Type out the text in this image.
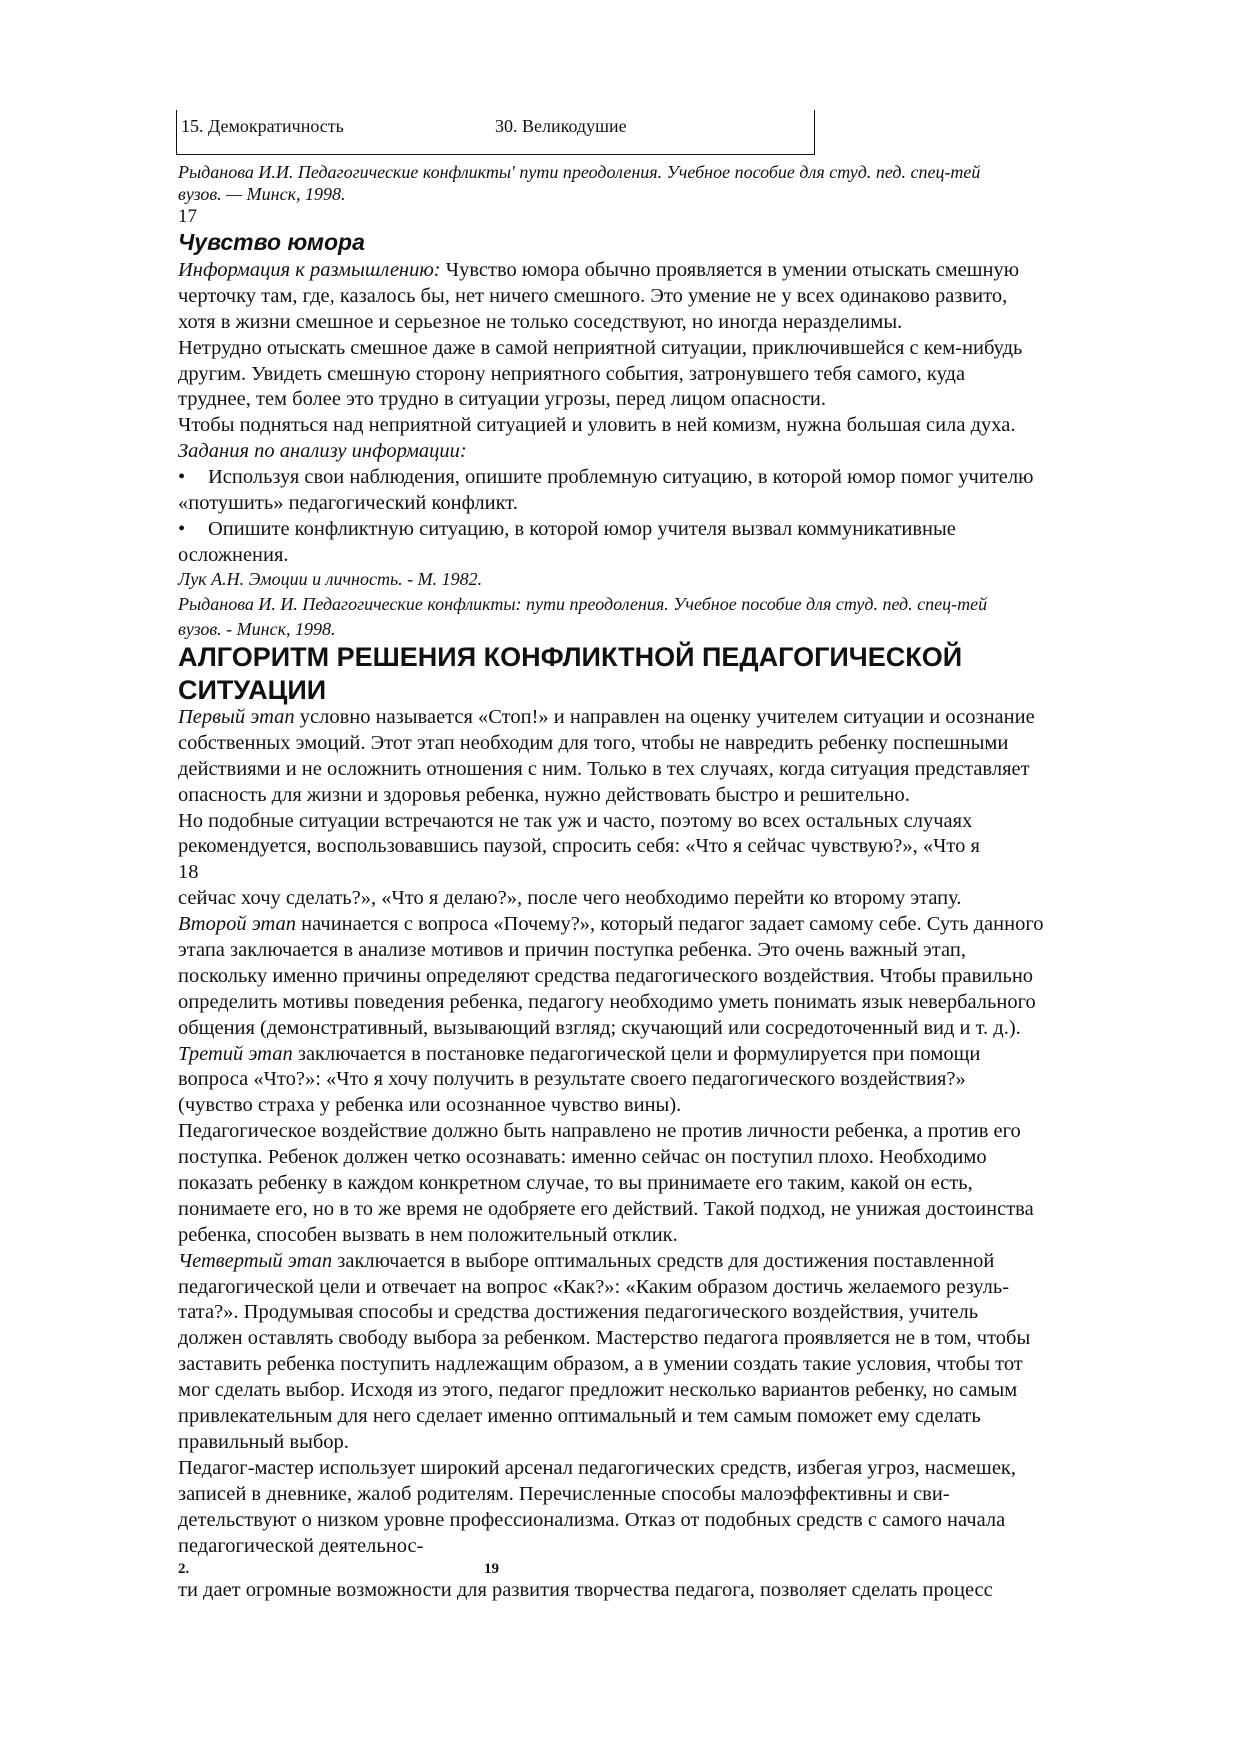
15. Демократичность	30. Великодушие
Рыданова И.И. Педагогические конфликты' пути преодоления. Учебное пособие для студ. пед. спец-тей
вузов. — Минск, 1998.
17
Чувство юмора
Информация к размышлению: Чувство юмора обычно проявляется в умении отыскать смешную
черточку там, где, казалось бы, нет ничего смешного. Это умение не у всех одинаково развито,
хотя в жизни смешное и серьезное не только соседствуют, но иногда неразделимы.
Нетрудно отыскать смешное даже в самой неприятной ситуации, приключившейся с кем-нибудь
другим. Увидеть смешную сторону неприятного события, затронувшего тебя самого, куда
труднее, тем более это трудно в ситуации угрозы, перед лицом опасности.
Чтобы подняться над неприятной ситуацией и уловить в ней комизм, нужна большая сила духа.
Задания по анализу информации:
• Используя свои наблюдения, опишите проблемную ситуацию, в которой юмор помог учителю
«потушить» педагогический конфликт.
• Опишите конфликтную ситуацию, в которой юмор учителя вызвал коммуникативные
осложнения.
Лук А.Н. Эмоции и личность. - М. 1982.
Рыданова И. И. Педагогические конфликты: пути преодоления. Учебное пособие для студ. пед. спец-тей
вузов. - Минск, 1998.
АЛГОРИТМ РЕШЕНИЯ КОНФЛИКТНОЙ ПЕДАГОГИЧЕСКОЙ
СИТУАЦИИ
Первый этап условно называется «Стоп!» и направлен на оценку учителем ситуации и осознание
собственных эмоций. Этот этап необходим для того, чтобы не навредить ребенку поспешными
действиями и не осложнить отношения с ним. Только в тех случаях, когда ситуация представляет
опасность для жизни и здоровья ребенка, нужно действовать быстро и решительно.
Но подобные ситуации встречаются не так уж и часто, поэтому во всех остальных случаях
рекомендуется, воспользовавшись паузой, спросить себя: «Что я сейчас чувствую?», «Что я
18
сейчас хочу сделать?», «Что я делаю?», после чего необходимо перейти ко второму этапу.
Второй этап начинается с вопроса «Почему?», который педагог задает самому себе. Суть данного
этапа заключается в анализе мотивов и причин поступка ребенка. Это очень важный этап,
поскольку именно причины определяют средства педагогического воздействия. Чтобы правильно
определить мотивы поведения ребенка, педагогу необходимо уметь понимать язык невербального
общения (демонстративный, вызывающий взгляд; скучающий или сосредоточенный вид и т. д.).
Третий этап заключается в постановке педагогической цели и формулируется при помощи
вопроса «Что?»: «Что я хочу получить в результате своего педагогического воздействия?»
(чувство страха у ребенка или осознанное чувство вины).
Педагогическое воздействие должно быть направлено не против личности ребенка, а против его
поступка. Ребенок должен четко осознавать: именно сейчас он поступил плохо. Необходимо
показать ребенку в каждом конкретном случае, то вы принимаете его таким, какой он есть,
понимаете его, но в то же время не одобряете его действий. Такой подход, не унижая достоинства
ребенка, способен вызвать в нем положительный отклик.
Четвертый этап заключается в выборе оптимальных средств для достижения поставленной
педагогической цели и отвечает на вопрос «Как?»: «Каким образом достичь желаемого резуль-
тата?». Продумывая способы и средства достижения педагогического воздействия, учитель
должен оставлять свободу выбора за ребенком. Мастерство педагога проявляется не в том, чтобы
заставить ребенка поступить надлежащим образом, а в умении создать такие условия, чтобы тот
мог сделать выбор. Исходя из этого, педагог предложит несколько вариантов ребенку, но самым
привлекательным для него сделает именно оптимальный и тем самым поможет ему сделать
правильный выбор.
Педагог-мастер использует широкий арсенал педагогических средств, избегая угроз, насмешек,
записей в дневнике, жалоб родителям. Перечисленные способы малоэффективны и сви-
детельствуют о низком уровне профессионализма. Отказ от подобных средств с самого начала
педагогической деятельнос-
2.	19
ти дает огромные возможности для развития творчества педагога, позволяет сделать процесс
